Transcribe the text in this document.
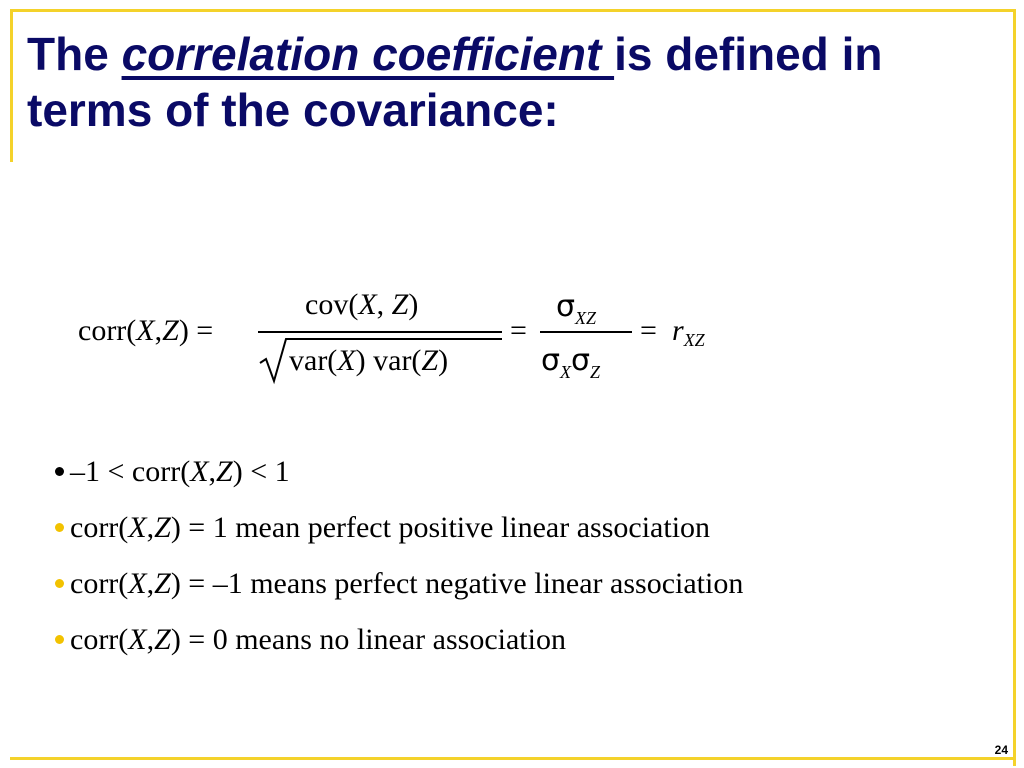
The correlation coefficient is defined in terms of the covariance:
corr(X,Z) =
cov(X, Z)
var(X) var(Z)
=
$\sigma_{XZ}$
$\sigma_X\sigma_Z$
= $r_{XZ}$
–1 < corr(X,Z) < 1
corr(X,Z) = 1 mean perfect positive linear association
corr(X,Z) = –1 means perfect negative linear association
corr(X,Z) = 0 means no linear association
24
